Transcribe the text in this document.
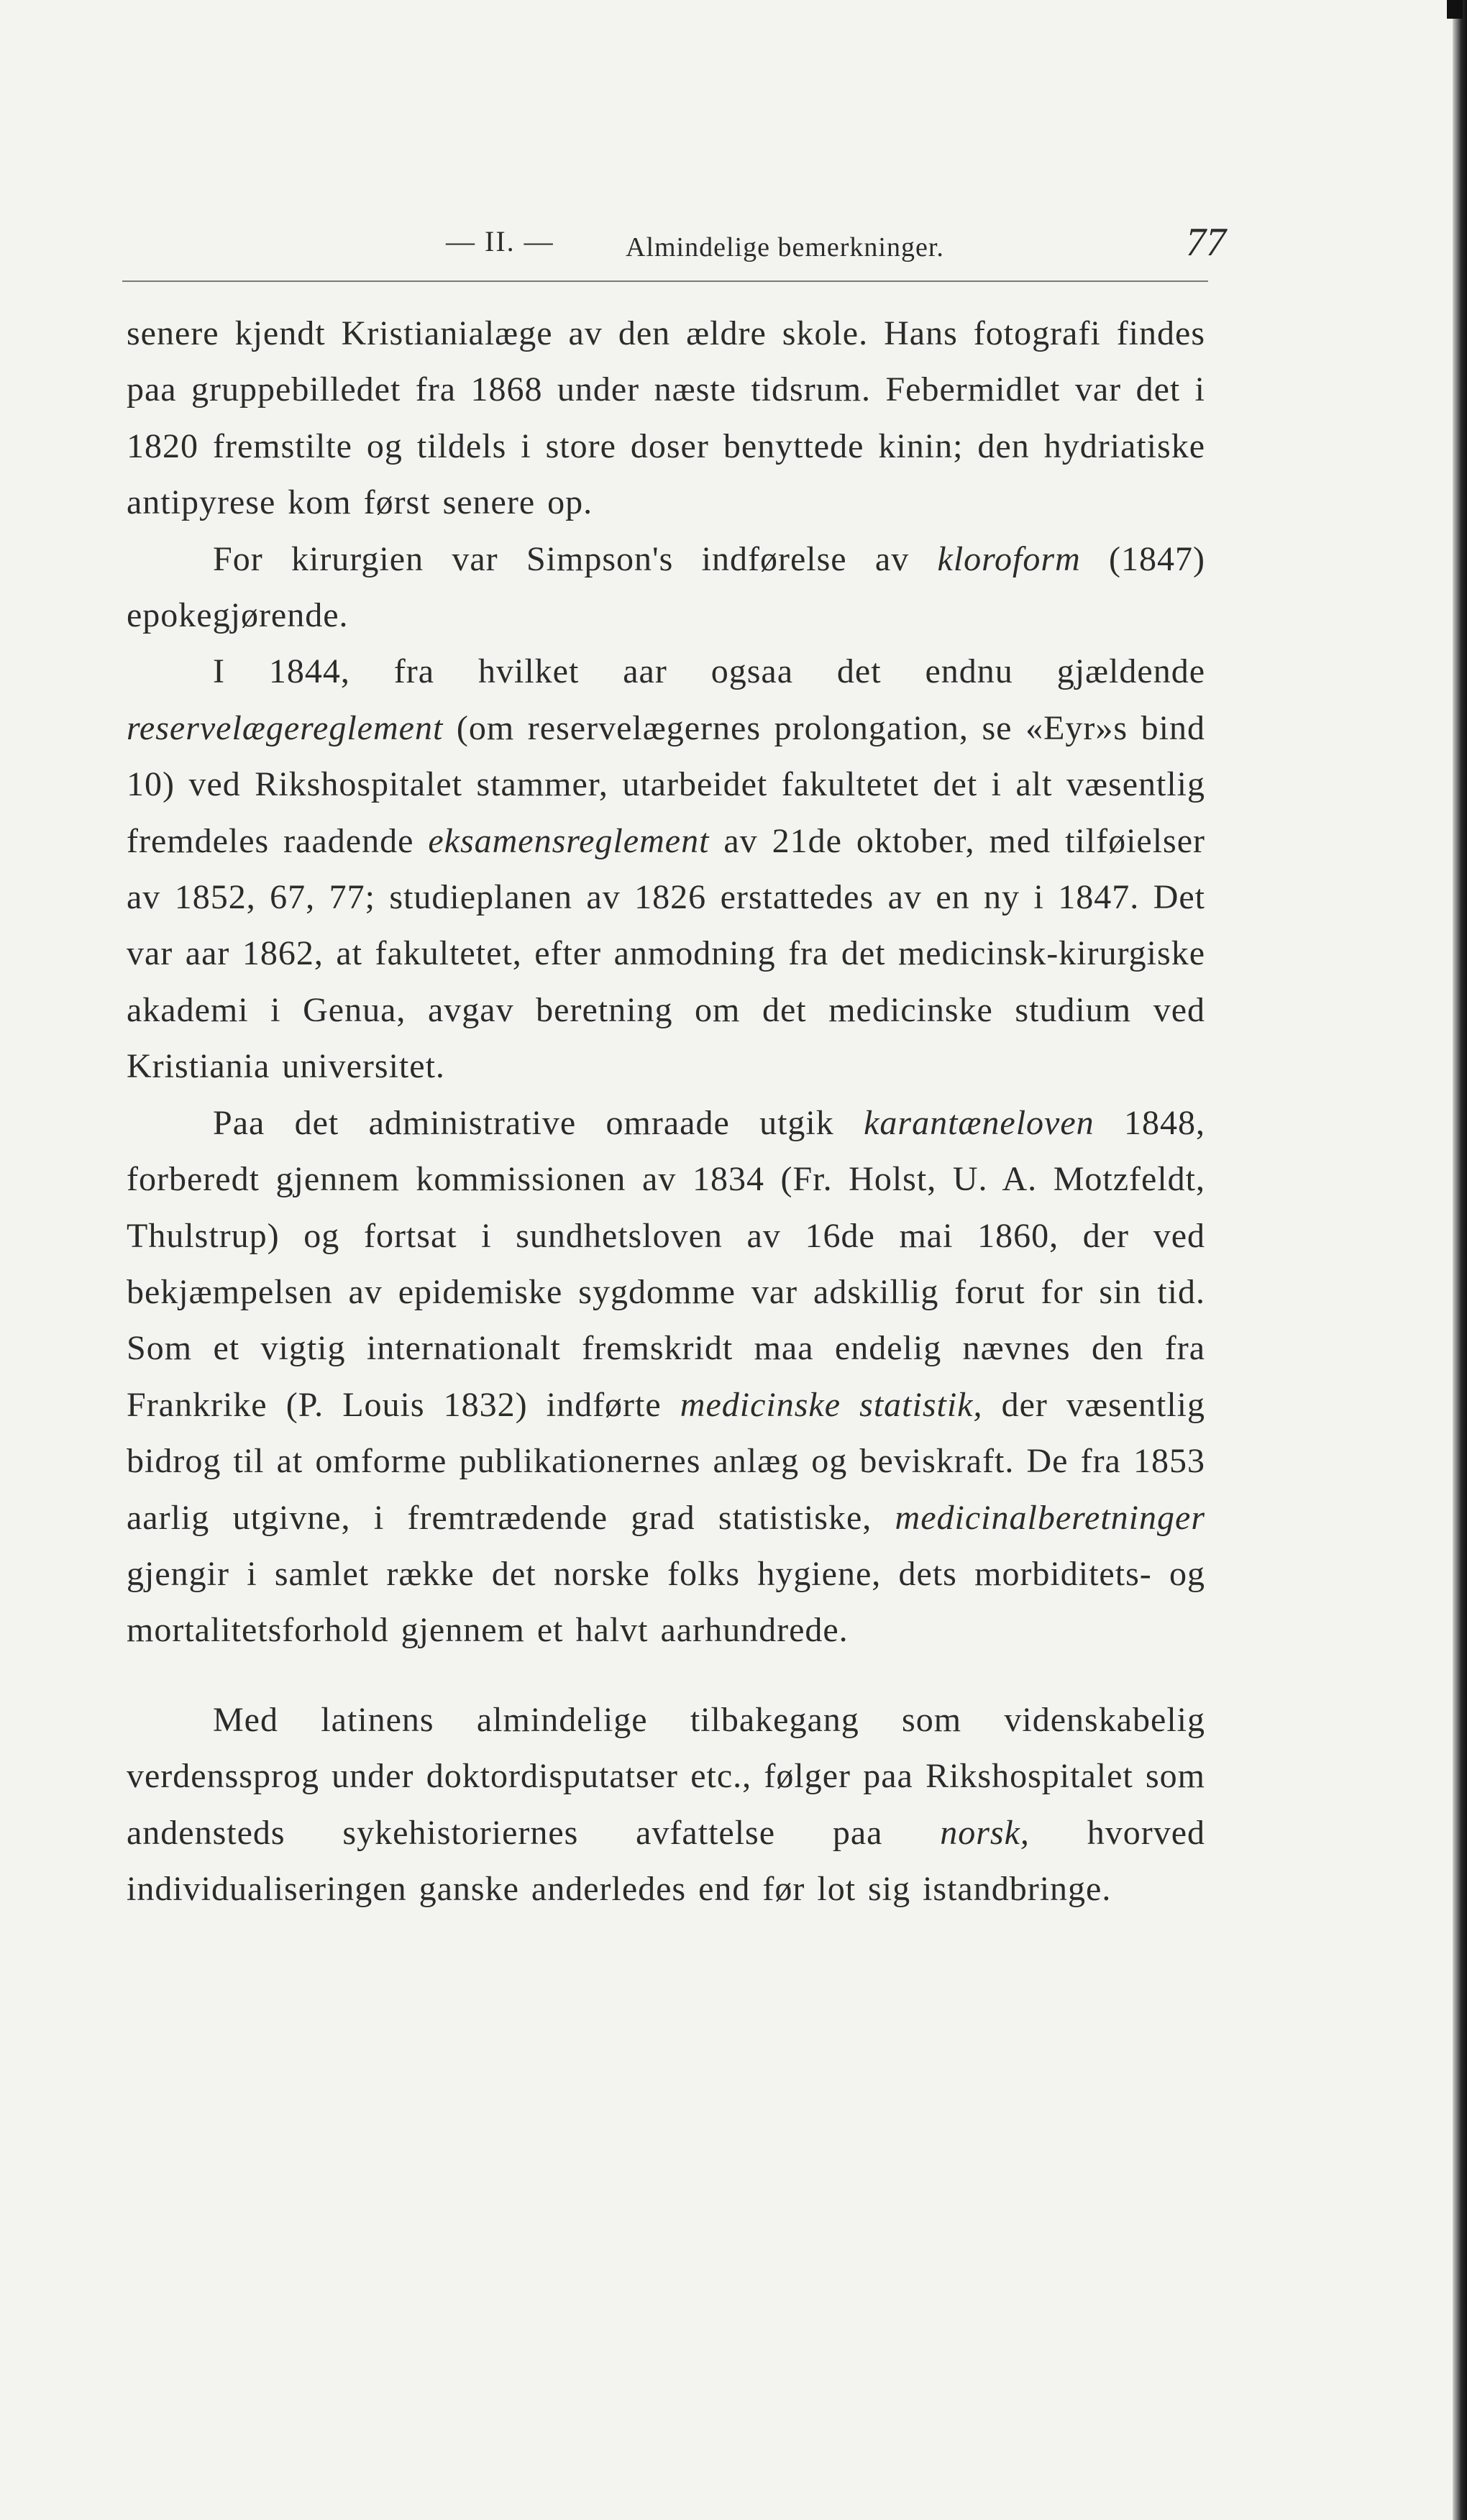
— II. —	Almindelige bemerkninger.	77

senere kjendt Kristianialæge av den ældre skole. Hans fotografi findes paa gruppebilledet fra 1868 under næste tidsrum. Febermidlet var det i 1820 fremstilte og tildels i store doser benyttede kinin; den hydriatiske antipyrese kom først senere op.

For kirurgien var Simpson's indførelse av kloroform (1847) epokegjørende.

I 1844, fra hvilket aar ogsaa det endnu gjældende reservelægereglement (om reservelægernes prolongation, se «Eyr»s bind 10) ved Rikshospitalet stammer, utarbeidet fakultetet det i alt væsentlig fremdeles raadende eksamensreglement av 21de oktober, med tilføielser av 1852, 67, 77; studieplanen av 1826 erstattedes av en ny i 1847. Det var aar 1862, at fakultetet, efter anmodning fra det medicinsk-kirurgiske akademi i Genua, avgav beretning om det medicinske studium ved Kristiania universitet.

Paa det administrative omraade utgik karantæneloven 1848, forberedt gjennem kommissionen av 1834 (Fr. Holst, U. A. Motzfeldt, Thulstrup) og fortsat i sundhetsloven av 16de mai 1860, der ved bekjæmpelsen av epidemiske sygdomme var adskillig forut for sin tid. Som et vigtig internationalt fremskridt maa endelig nævnes den fra Frankrike (P. Louis 1832) indførte medicinske statistik, der væsentlig bidrog til at omforme publikationernes anlæg og beviskraft. De fra 1853 aarlig utgivne, i fremtrædende grad statistiske, medicinalberetninger gjengir i samlet række det norske folks hygiene, dets morbiditets- og mortalitetsforhold gjennem et halvt aarhundrede.

Med latinens almindelige tilbakegang som videnskabelig verdenssprog under doktordisputatser etc., følger paa Rikshospitalet som andensteds sykehistoriernes avfattelse paa norsk, hvorved individualiseringen ganske anderledes end før lot sig istandbringe.
